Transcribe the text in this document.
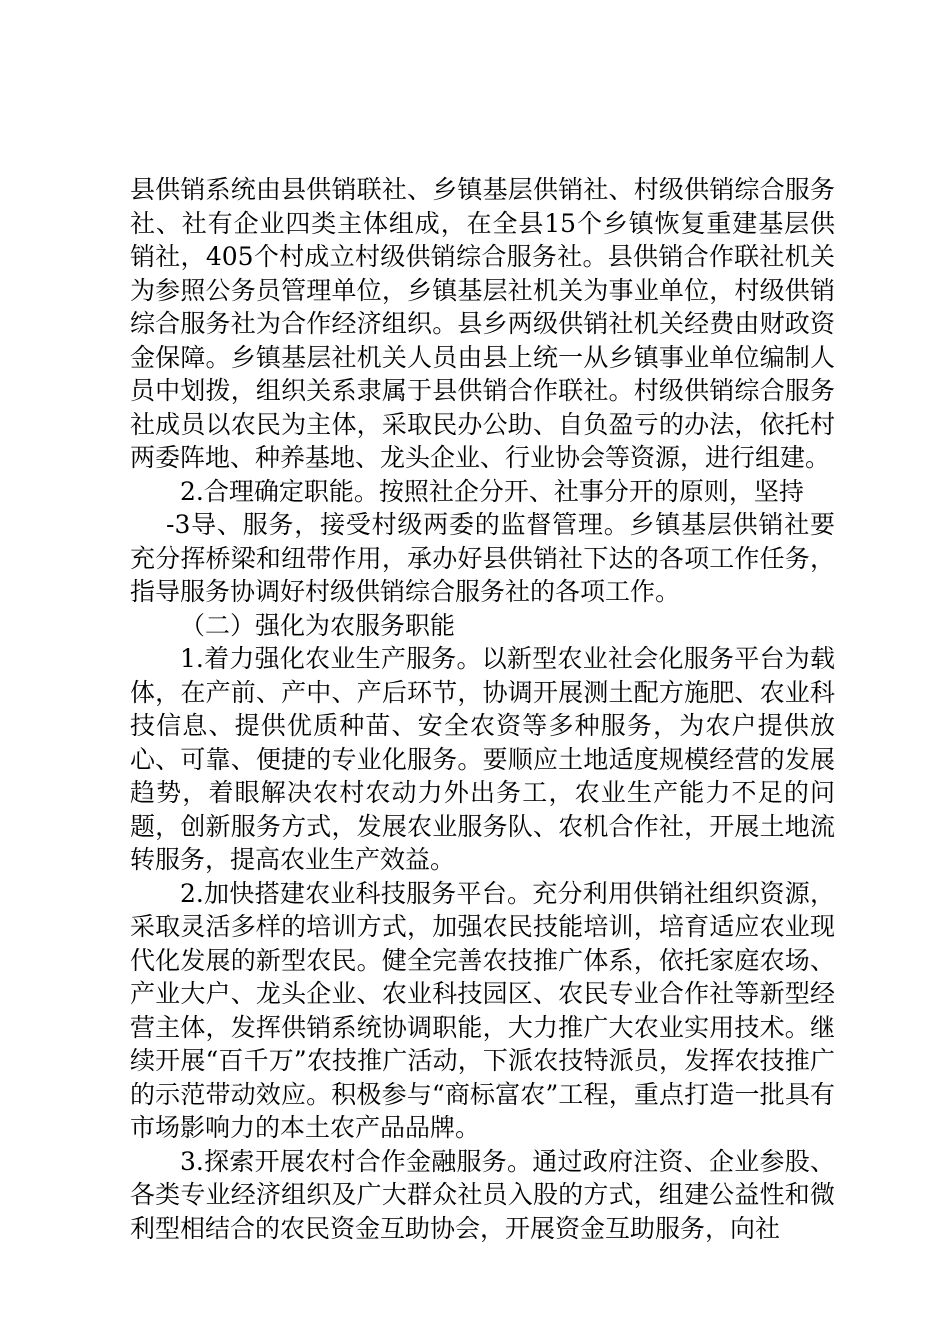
县供销系统由县供销联社、乡镇基层供销社、村级供销综合服务社、社有企业四类主体组成，在全县15个乡镇恢复重建基层供销社，405个村成立村级供销综合服务社。县供销合作联社机关为参照公务员管理单位，乡镇基层社机关为事业单位，村级供销综合服务社为合作经济组织。县乡两级供销社机关经费由财政资金保障。乡镇基层社机关人员由县上统一从乡镇事业单位编制人员中划拨，组织关系隶属于县供销合作联社。村级供销综合服务社成员以农民为主体，采取民办公助、自负盈亏的办法，依托村两委阵地、种养基地、龙头企业、行业协会等资源，进行组建。

2.合理确定职能。按照社企分开、社事分开的原则，坚持

-3导、服务，接受村级两委的监督管理。乡镇基层供销社要充分挥桥梁和纽带作用，承办好县供销社下达的各项工作任务，指导服务协调好村级供销综合服务社的各项工作。

（二）强化为农服务职能

1.着力强化农业生产服务。以新型农业社会化服务平台为载体，在产前、产中、产后环节，协调开展测土配方施肥、农业科技信息、提供优质种苗、安全农资等多种服务，为农户提供放心、可靠、便捷的专业化服务。要顺应土地适度规模经营的发展趋势，着眼解决农村农动力外出务工，农业生产能力不足的问题，创新服务方式，发展农业服务队、农机合作社，开展土地流转服务，提高农业生产效益。

2.加快搭建农业科技服务平台。充分利用供销社组织资源，采取灵活多样的培训方式，加强农民技能培训，培育适应农业现代化发展的新型农民。健全完善农技推广体系，依托家庭农场、产业大户、龙头企业、农业科技园区、农民专业合作社等新型经营主体，发挥供销系统协调职能，大力推广大农业实用技术。继续开展“百千万”农技推广活动，下派农技特派员，发挥农技推广的示范带动效应。积极参与“商标富农”工程，重点打造一批具有市场影响力的本土农产品品牌。

3.探索开展农村合作金融服务。通过政府注资、企业参股、各类专业经济组织及广大群众社员入股的方式，组建公益性和微利型相结合的农民资金互助协会，开展资金互助服务，向社
